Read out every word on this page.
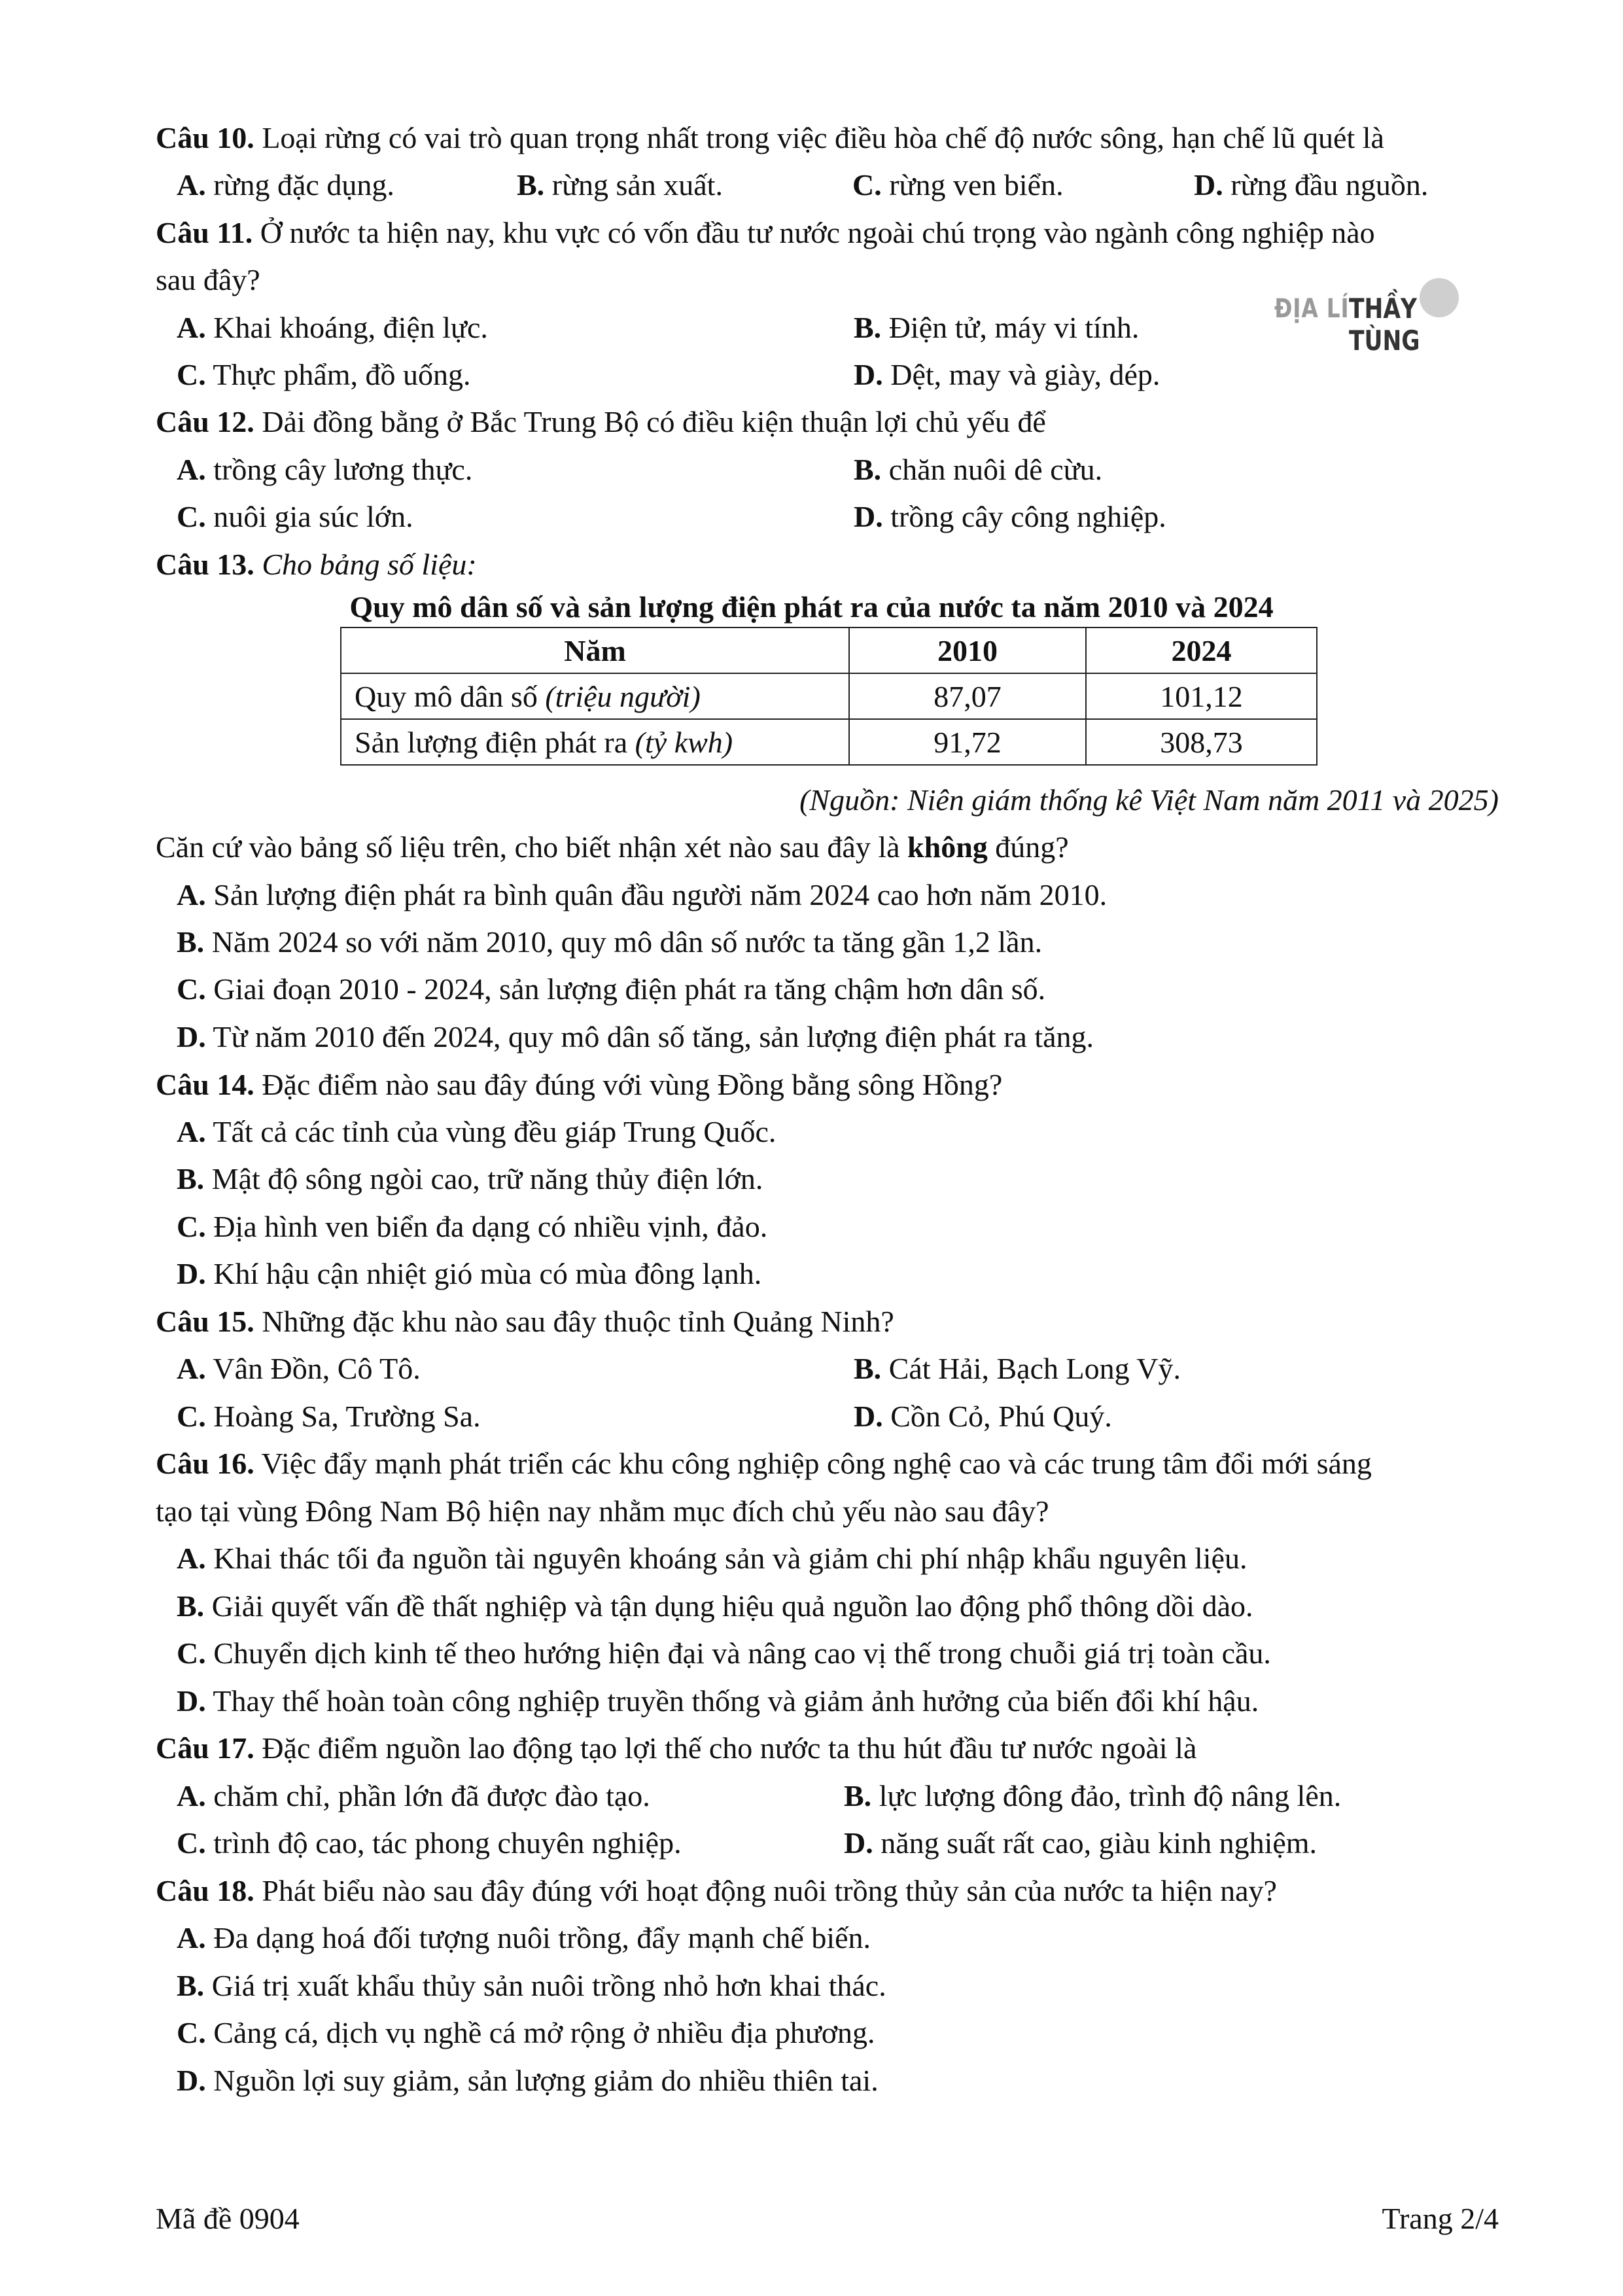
Câu 10. Loại rừng có vai trò quan trọng nhất trong việc điều hòa chế độ nước sông, hạn chế lũ quét là
A. rừng đặc dụng.	B. rừng sản xuất.	C. rừng ven biển.	D. rừng đầu nguồn.
Câu 11. Ở nước ta hiện nay, khu vực có vốn đầu tư nước ngoài chú trọng vào ngành công nghiệp nào
sau đây?
A. Khai khoáng, điện lực.	B. Điện tử, máy vi tính.
C. Thực phẩm, đồ uống.	D. Dệt, may và giày, dép.
ĐỊA LÍ THẦY TÙNG
Câu 12. Dải đồng bằng ở Bắc Trung Bộ có điều kiện thuận lợi chủ yếu để
A. trồng cây lương thực.	B. chăn nuôi dê cừu.
C. nuôi gia súc lớn.	D. trồng cây công nghiệp.
Câu 13. Cho bảng số liệu:
Quy mô dân số và sản lượng điện phát ra của nước ta năm 2010 và 2024
Năm	2010	2024
Quy mô dân số (triệu người)	87,07	101,12
Sản lượng điện phát ra (tỷ kwh)	91,72	308,73
(Nguồn: Niên giám thống kê Việt Nam năm 2011 và 2025)
Căn cứ vào bảng số liệu trên, cho biết nhận xét nào sau đây là không đúng?
A. Sản lượng điện phát ra bình quân đầu người năm 2024 cao hơn năm 2010.
B. Năm 2024 so với năm 2010, quy mô dân số nước ta tăng gần 1,2 lần.
C. Giai đoạn 2010 - 2024, sản lượng điện phát ra tăng chậm hơn dân số.
D. Từ năm 2010 đến 2024, quy mô dân số tăng, sản lượng điện phát ra tăng.
Câu 14. Đặc điểm nào sau đây đúng với vùng Đồng bằng sông Hồng?
A. Tất cả các tỉnh của vùng đều giáp Trung Quốc.
B. Mật độ sông ngòi cao, trữ năng thủy điện lớn.
C. Địa hình ven biển đa dạng có nhiều vịnh, đảo.
D. Khí hậu cận nhiệt gió mùa có mùa đông lạnh.
Câu 15. Những đặc khu nào sau đây thuộc tỉnh Quảng Ninh?
A. Vân Đồn, Cô Tô.	B. Cát Hải, Bạch Long Vỹ.
C. Hoàng Sa, Trường Sa.	D. Cồn Cỏ, Phú Quý.
Câu 16. Việc đẩy mạnh phát triển các khu công nghiệp công nghệ cao và các trung tâm đổi mới sáng
tạo tại vùng Đông Nam Bộ hiện nay nhằm mục đích chủ yếu nào sau đây?
A. Khai thác tối đa nguồn tài nguyên khoáng sản và giảm chi phí nhập khẩu nguyên liệu.
B. Giải quyết vấn đề thất nghiệp và tận dụng hiệu quả nguồn lao động phổ thông dồi dào.
C. Chuyển dịch kinh tế theo hướng hiện đại và nâng cao vị thế trong chuỗi giá trị toàn cầu.
D. Thay thế hoàn toàn công nghiệp truyền thống và giảm ảnh hưởng của biến đổi khí hậu.
Câu 17. Đặc điểm nguồn lao động tạo lợi thế cho nước ta thu hút đầu tư nước ngoài là
A. chăm chỉ, phần lớn đã được đào tạo.	B. lực lượng đông đảo, trình độ nâng lên.
C. trình độ cao, tác phong chuyên nghiệp.	D. năng suất rất cao, giàu kinh nghiệm.
Câu 18. Phát biểu nào sau đây đúng với hoạt động nuôi trồng thủy sản của nước ta hiện nay?
A. Đa dạng hoá đối tượng nuôi trồng, đẩy mạnh chế biến.
B. Giá trị xuất khẩu thủy sản nuôi trồng nhỏ hơn khai thác.
C. Cảng cá, dịch vụ nghề cá mở rộng ở nhiều địa phương.
D. Nguồn lợi suy giảm, sản lượng giảm do nhiều thiên tai.
Mã đề 0904	Trang 2/4
